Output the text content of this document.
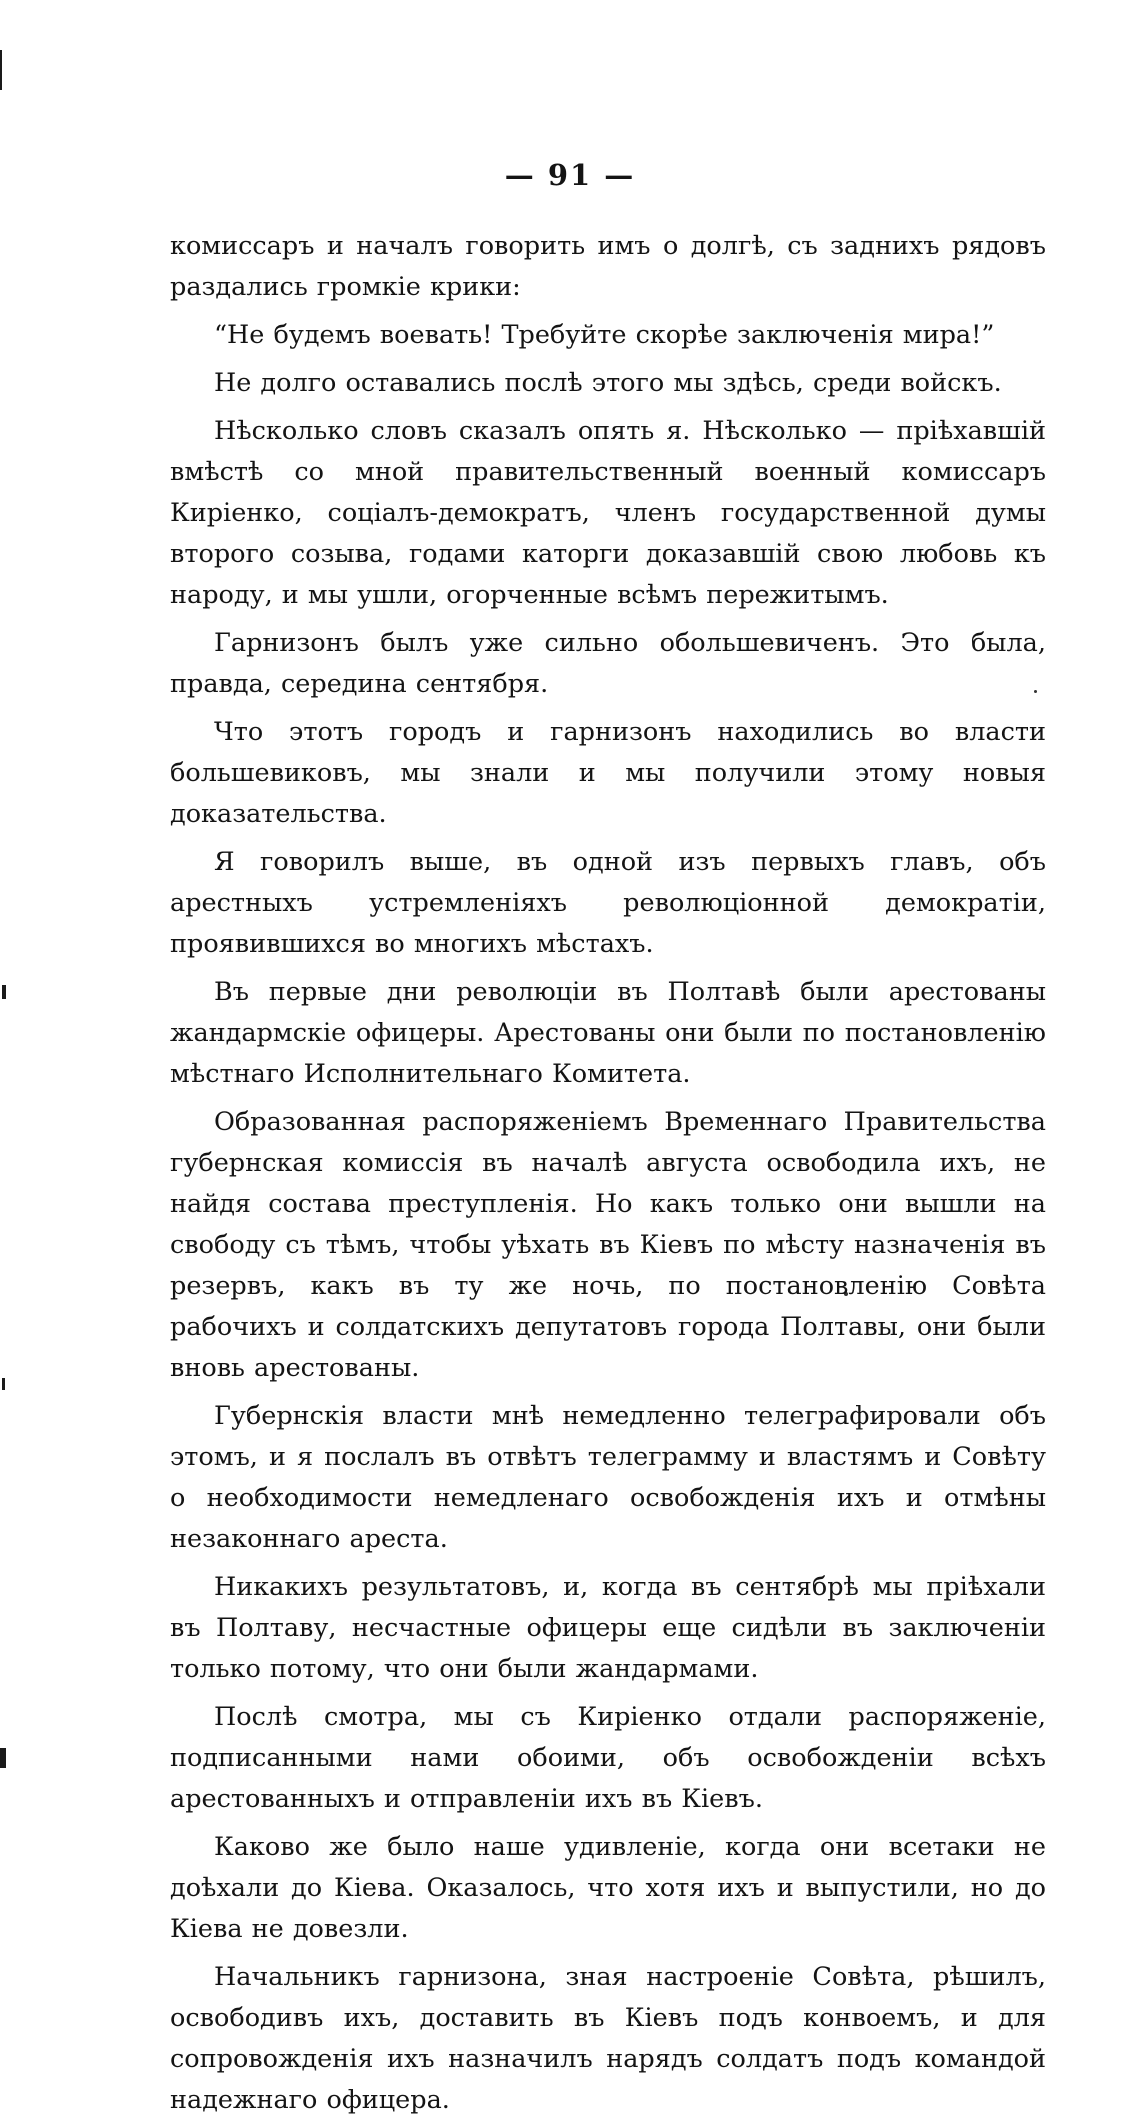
— 91 —

комиссаръ и началъ говорить имъ о долгѣ, съ заднихъ рядовъ раздались громкіе крики:

“Не будемъ воевать! Требуйте скорѣе заключенія мира!”

Не долго оставались послѣ этого мы здѣсь, среди войскъ.

Нѣсколько словъ сказалъ опять я. Нѣсколько — пріѣхавшій вмѣстѣ со мной правительственный военный комиссаръ Кирiенко, соціалъ-демократъ, членъ государственной думы второго созыва, годами каторги доказавшій свою любовь къ народу, и мы ушли, огорченные всѣмъ пережитымъ.

Гарнизонъ былъ уже сильно обольшевиченъ. Это была, правда, середина сентября.

Что этотъ городъ и гарнизонъ находились во власти большевиковъ, мы знали и мы получили этому новыя доказательства.

Я говорилъ выше, въ одной изъ первыхъ главъ, объ арестныхъ устремленіяхъ революціонной демократіи, проявившихся во многихъ мѣстахъ.

Въ первые дни революціи въ Полтавѣ были арестованы жандармскіе офицеры. Арестованы они были по постановленію мѣстнаго Исполнительнаго Комитета.

Образованная распоряженіемъ Временнаго Правительства губернская комиссія въ началѣ августа освободила ихъ, не найдя состава преступленія. Но какъ только они вышли на свободу съ тѣмъ, чтобы уѣхать въ Кіевъ по мѣсту назначенія въ резервъ, какъ въ ту же ночь, по постановленію Совѣта рабочихъ и солдатскихъ депутатовъ города Полтавы, они были вновь арестованы.

Губернскія власти мнѣ немедленно телеграфировали объ этомъ, и я послалъ въ отвѣтъ телеграмму и властямъ и Совѣту о необходимости немедленаго освобожденія ихъ и отмѣны незаконнаго ареста.

Никакихъ результатовъ, и, когда въ сентябрѣ мы пріѣхали въ Полтаву, несчастные офицеры еще сидѣли въ заключеніи только потому, что они были жандармами.

Послѣ смотра, мы съ Кирiенко отдали распоряженіе, подписанными нами обоими, объ освобожденіи всѣхъ арестованныхъ и отправленіи ихъ въ Кіевъ.

Каково же было наше удивленіе, когда они всетаки не доѣхали до Кіева. Оказалось, что хотя ихъ и выпустили, но до Кіева не довезли.

Начальникъ гарнизона, зная настроеніе Совѣта, рѣшилъ, освободивъ ихъ, доставить въ Кіевъ подъ конвоемъ, и для сопровожденія ихъ назначилъ нарядъ солдатъ подъ командой надежнаго офицера.
